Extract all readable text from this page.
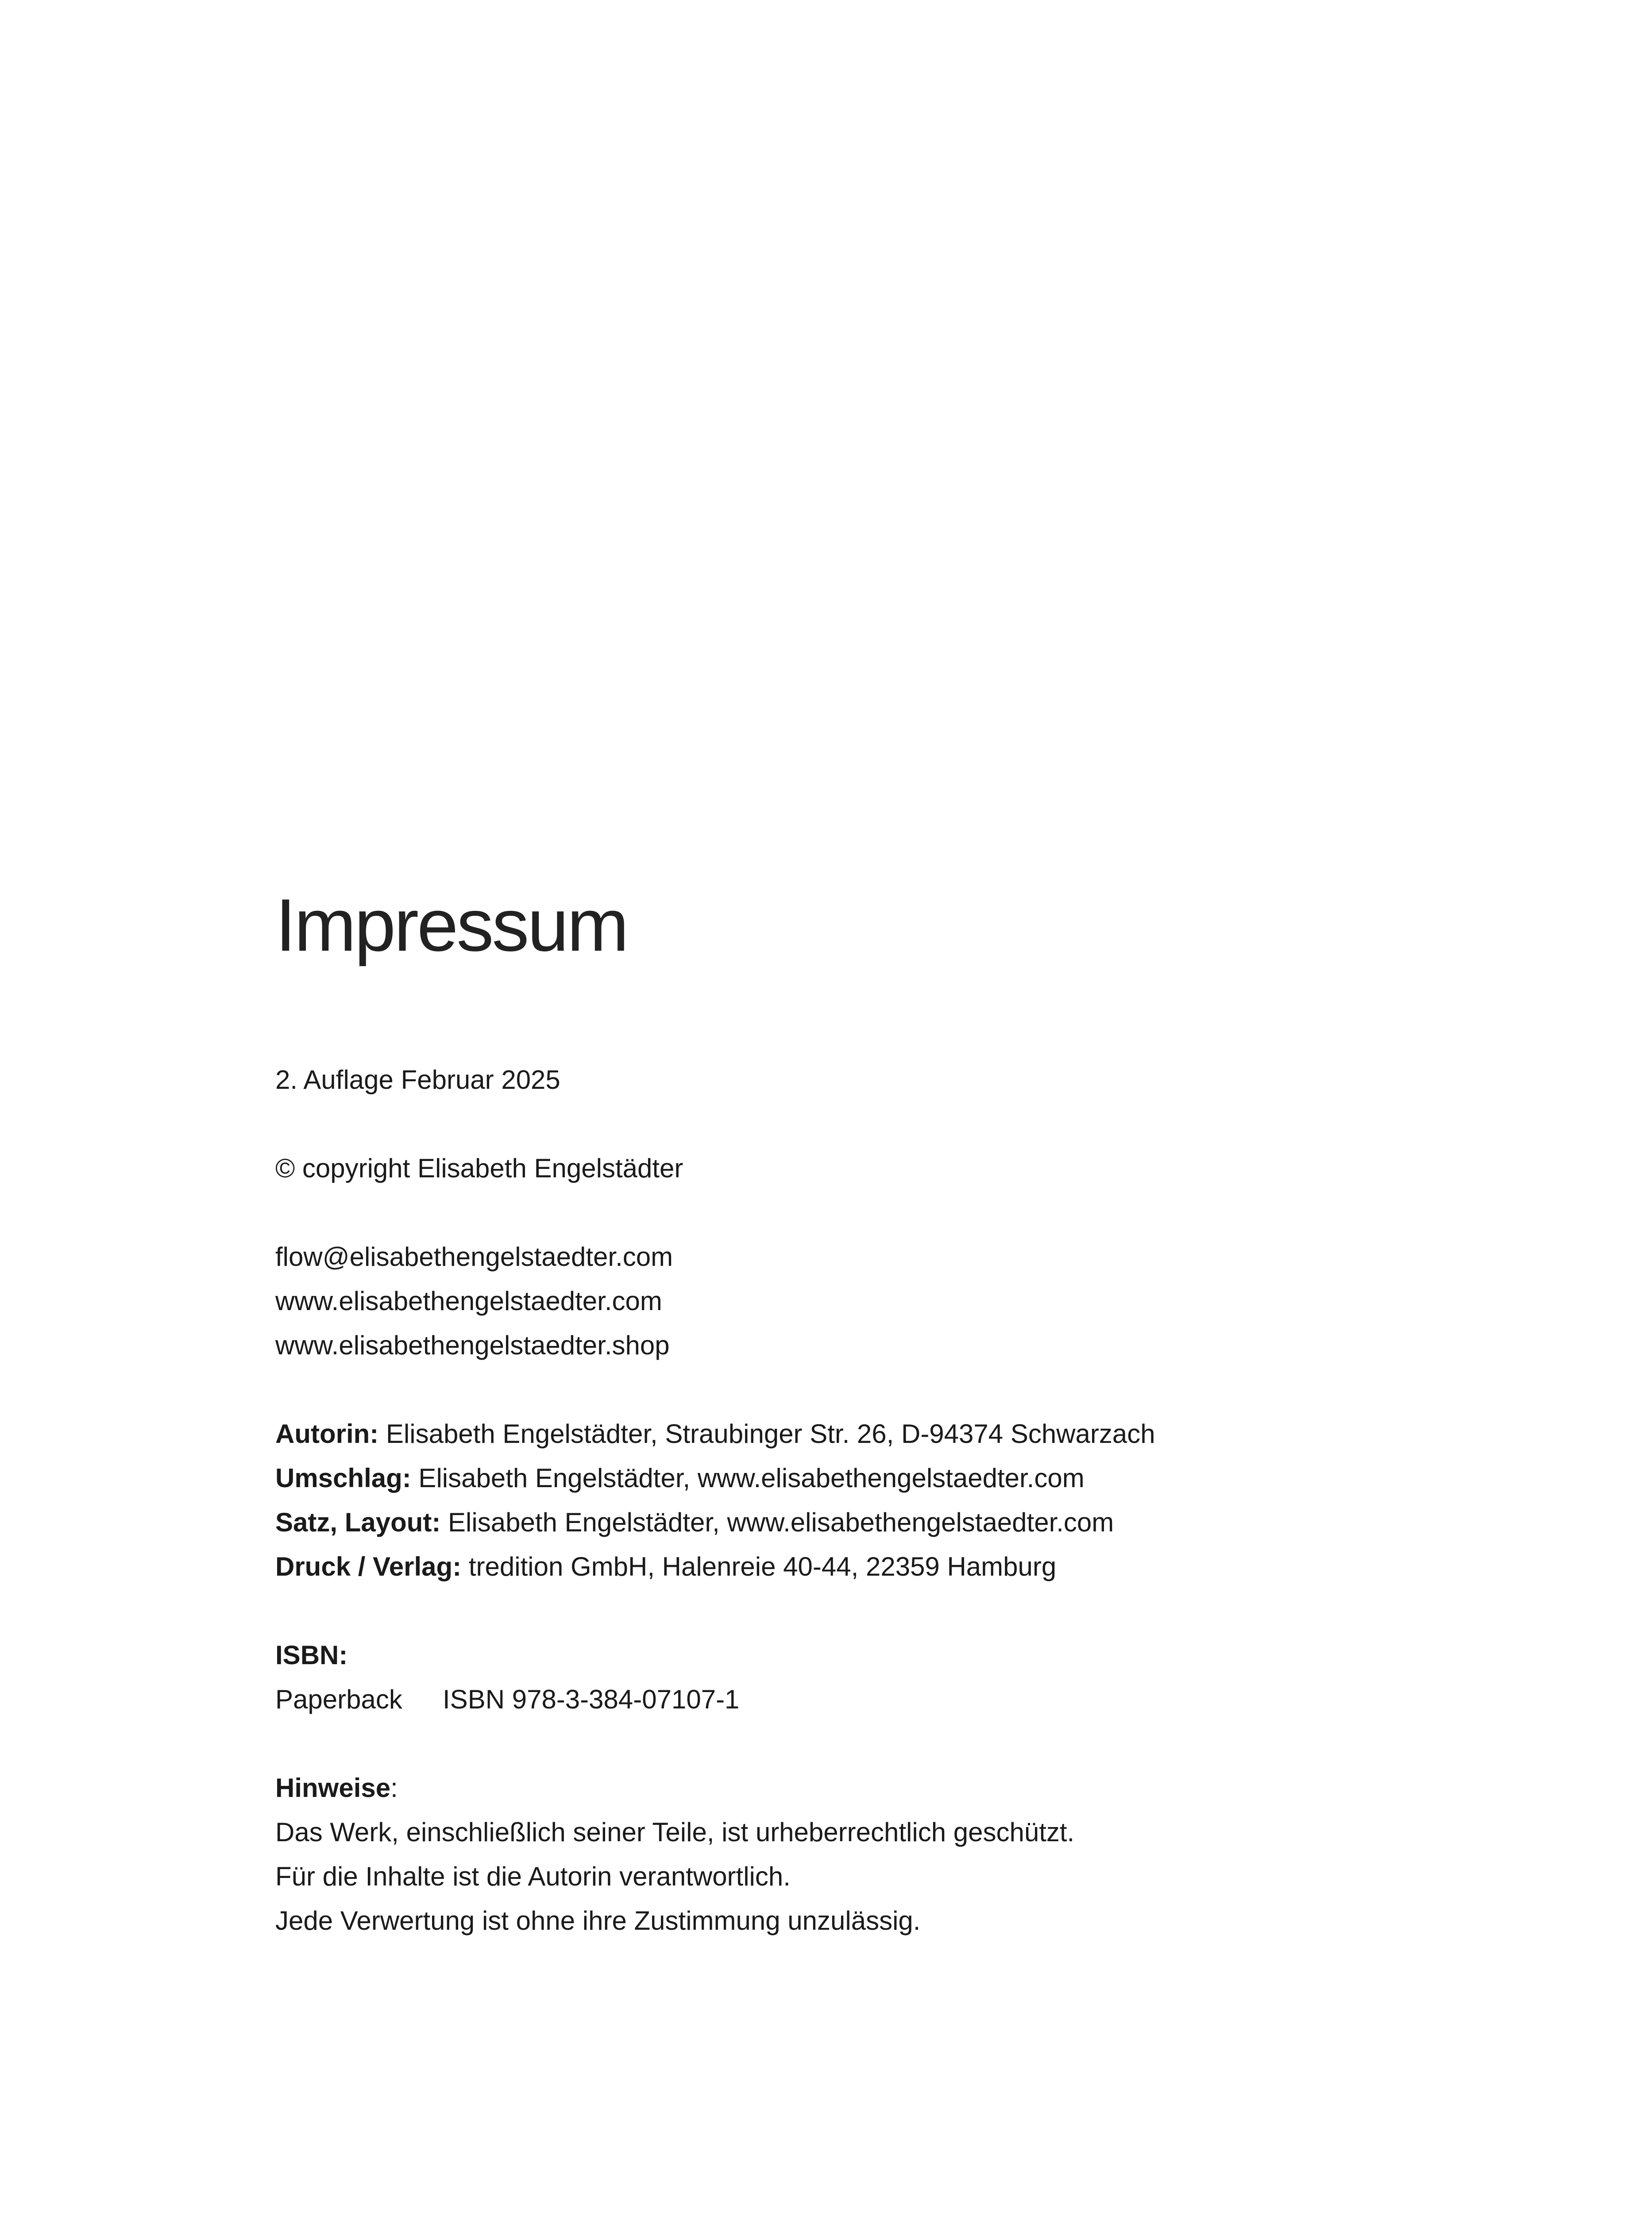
Impressum
2. Auflage Februar 2025
© copyright Elisabeth Engelstädter
flow@elisabethengelstaedter.com
www.elisabethengelstaedter.com
www.elisabethengelstaedter.shop
Autorin: Elisabeth Engelstädter, Straubinger Str. 26, D-94374 Schwarzach
Umschlag: Elisabeth Engelstädter, www.elisabethengelstaedter.com
Satz, Layout: Elisabeth Engelstädter, www.elisabethengelstaedter.com
Druck / Verlag: tredition GmbH, Halenreie 40-44, 22359 Hamburg
ISBN:
Paperback ISBN 978-3-384-07107-1
Hinweise:
Das Werk, einschließlich seiner Teile, ist urheberrechtlich geschützt.
Für die Inhalte ist die Autorin verantwortlich.
Jede Verwertung ist ohne ihre Zustimmung unzulässig.
